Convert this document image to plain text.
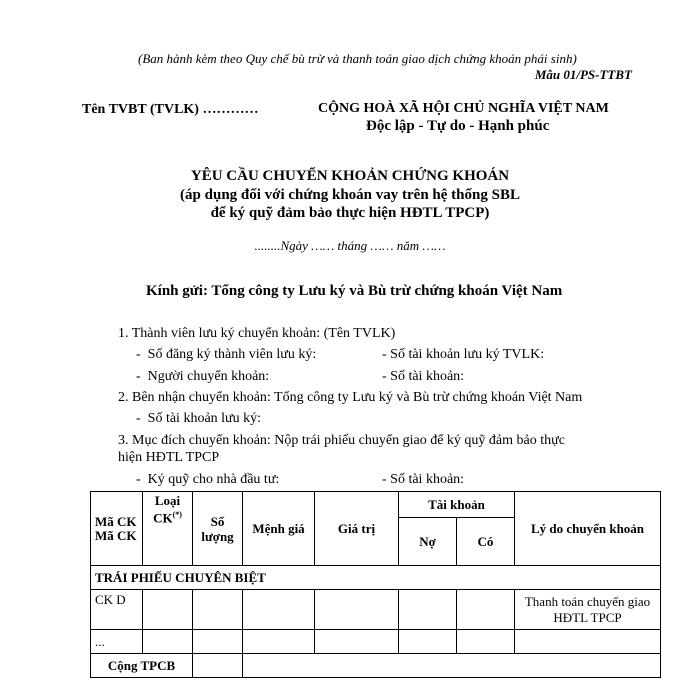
(Ban hành kèm theo Quy chế bù trừ và thanh toán giao dịch chứng khoán phái sinh)
Mẫu 01/PS-TTBT
Tên TVBT (TVLK) …………	CỘNG HOÀ XÃ HỘI CHỦ NGHĨA VIỆT NAM
Độc lập - Tự do - Hạnh phúc
YÊU CẦU CHUYỂN KHOẢN CHỨNG KHOÁN
(áp dụng đối với chứng khoán vay trên hệ thống SBL
để ký quỹ đảm bảo thực hiện HĐTL TPCP)
........Ngày …… tháng …… năm ……
Kính gửi: Tổng công ty Lưu ký và Bù trừ chứng khoán Việt Nam
1. Thành viên lưu ký chuyển khoản: (Tên TVLK)
-  Số đăng ký thành viên lưu ký:	- Số tài khoản lưu ký TVLK:
-  Người chuyển khoản:	- Số tài khoản:
2. Bên nhận chuyển khoản: Tổng công ty Lưu ký và Bù trừ chứng khoán Việt Nam
-  Số tài khoản lưu ký:
3. Mục đích chuyển khoản: Nộp trái phiếu chuyển giao để ký quỹ đảm bảo thực
hiện HĐTL TPCP
-  Ký quỹ cho nhà đầu tư:	- Số tài khoản:
Mã CK Mã CK	Loại CK(*)	Số lượng	Mệnh giá	Giá trị	Tài khoản		Lý do chuyển khoản
					Nợ	Có	
TRÁI PHIẾU CHUYÊN BIỆT							
CK D							Thanh toán chuyển giao HĐTL TPCP
...							
Cộng TPCB							
